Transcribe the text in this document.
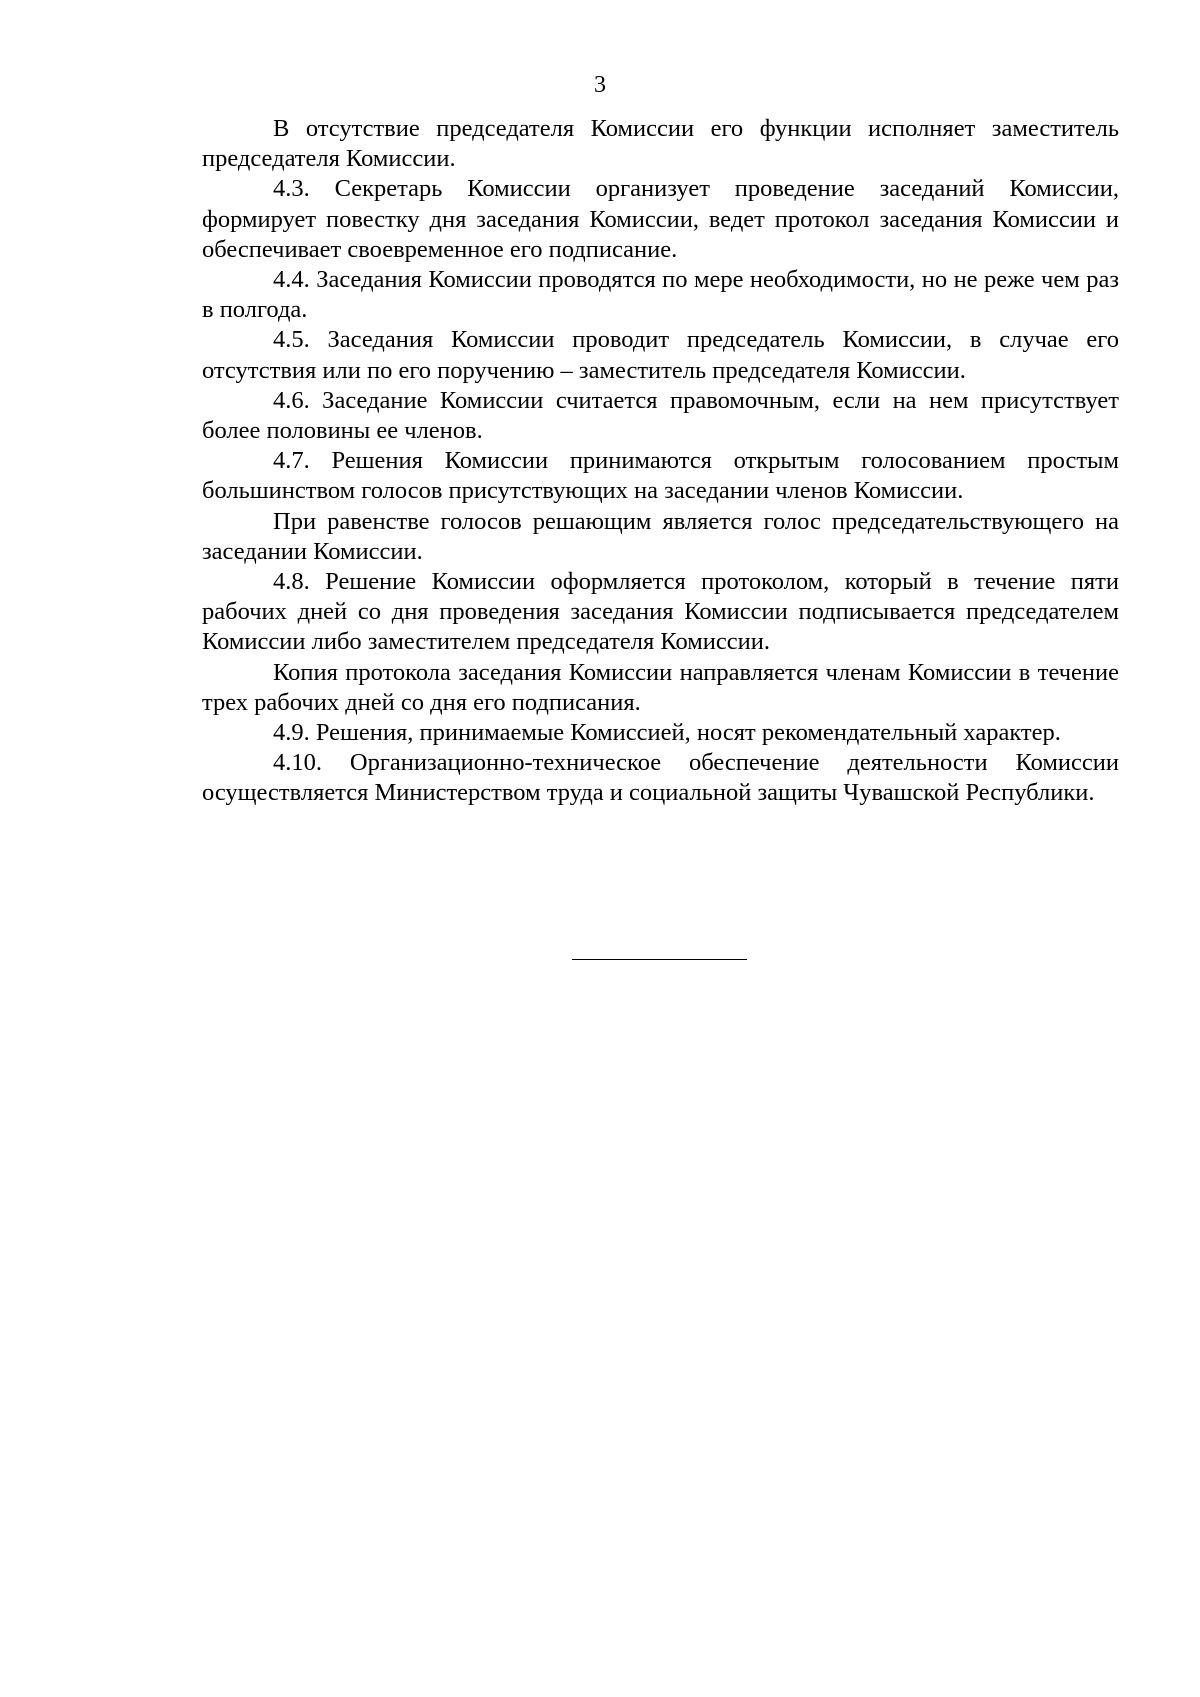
3

В отсутствие председателя Комиссии его функции исполняет заместитель председателя Комиссии.

4.3. Секретарь Комиссии организует проведение заседаний Комиссии, формирует повестку дня заседания Комиссии, ведет протокол заседания Комиссии и обеспечивает своевременное его подписание.

4.4. Заседания Комиссии проводятся по мере необходимости, но не реже чем раз в полгода.

4.5. Заседания Комиссии проводит председатель Комиссии, в случае его отсутствия или по его поручению – заместитель председателя Комиссии.

4.6. Заседание Комиссии считается правомочным, если на нем присутствует более половины ее членов.

4.7. Решения Комиссии принимаются открытым голосованием простым большинством голосов присутствующих на заседании членов Комиссии.

При равенстве голосов решающим является голос председательствующего на заседании Комиссии.

4.8. Решение Комиссии оформляется протоколом, который в течение пяти рабочих дней со дня проведения заседания Комиссии подписывается председателем Комиссии либо заместителем председателя Комиссии.

Копия протокола заседания Комиссии направляется членам Комиссии в течение трех рабочих дней со дня его подписания.

4.9. Решения, принимаемые Комиссией, носят рекомендательный характер.

4.10. Организационно-техническое обеспечение деятельности Комиссии осуществляется Министерством труда и социальной защиты Чувашской Республики.
